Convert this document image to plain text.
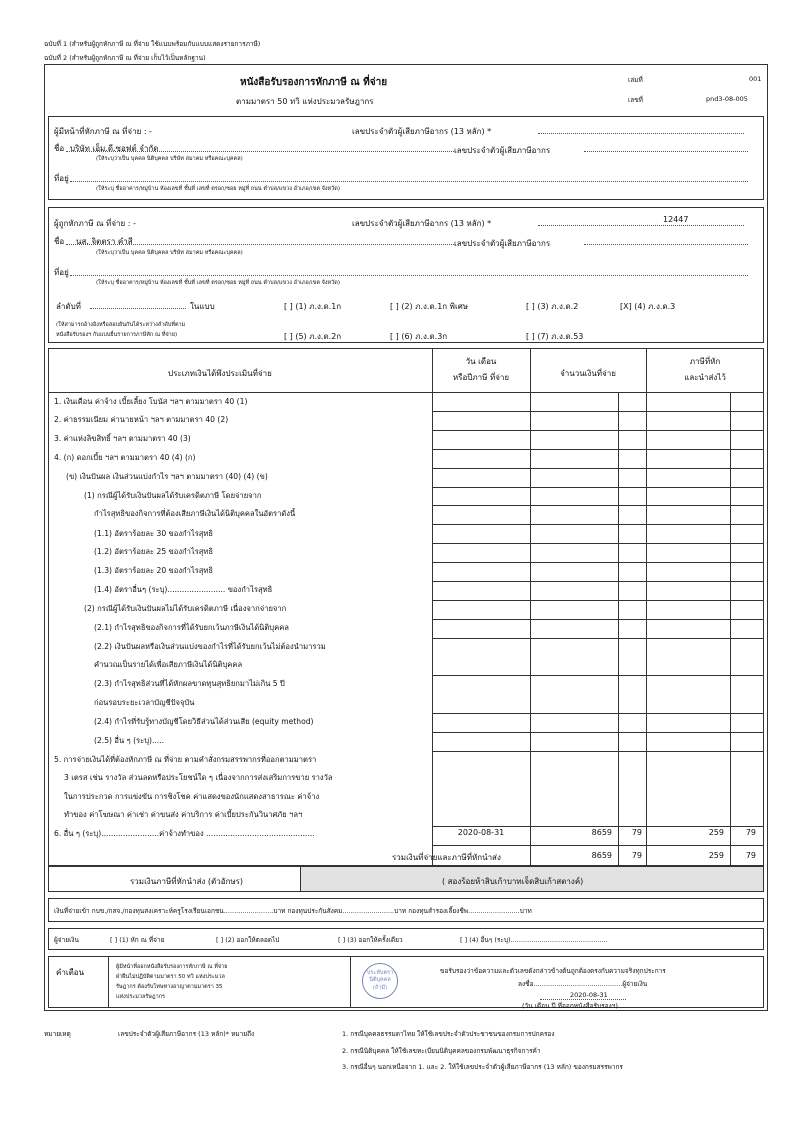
ฉบับที่ 1 (สำหรับผู้ถูกหักภาษี ณ ที่จ่าย ใช้แนบพร้อมกับแบบแสดงรายการภาษี)
ฉบับที่ 2 (สำหรับผู้ถูกหักภาษี ณ ที่จ่าย เก็บไว้เป็นหลักฐาน)
หนังสือรับรองการหักภาษี ณ ที่จ่าย
ตามมาตรา 50 ทวิ แห่งประมวลรัษฎากร
เล่มที่	001
เลขที่	pnd3-08-005
ผู้มีหน้าที่หักภาษี ณ ที่จ่าย : -	เลขประจำตัวผู้เสียภาษีอากร (13 หลัก) *
ชื่อ บริษัท เอ็ม.ดี.ซอฟต์ จำกัด	เลขประจำตัวผู้เสียภาษีอากร
(ให้ระบุว่าเป็น บุคคล นิติบุคคล บริษัท สมาคม หรือคณะบุคคล)
ที่อยู่
(ให้ระบุ ชื่ออาคาร/หมู่บ้าน ห้องเลขที่ ชั้นที่ เลขที่ ตรอก/ซอย หมู่ที่ ถนน ตำบล/แขวง อำเภอ/เขต จังหวัด)
ผู้ถูกหักภาษี ณ ที่จ่าย : -	เลขประจำตัวผู้เสียภาษีอากร (13 หลัก) *	12447
ชื่อ นส. จิตตรา คำสี	เลขประจำตัวผู้เสียภาษีอากร
(ให้ระบุว่าเป็น บุคคล นิติบุคคล บริษัท สมาคม หรือคณะบุคคล)
ที่อยู่
(ให้ระบุ ชื่ออาคาร/หมู่บ้าน ห้องเลขที่ ชั้นที่ เลขที่ ตรอก/ซอย หมู่ที่ ถนน ตำบล/แขวง อำเภอ/เขต จังหวัด)
ลำดับที่	ในแบบ
(ให้สามารถอ้างอิงหรือสอบยันกันได้ระหว่างลำดับที่ตาม
หนังสือรับรองฯ กับแบบยื่นรายการภาษีหัก ณ ที่จ่าย)
[ ] (1) ภ.ง.ด.1ก	[ ] (2) ภ.ง.ด.1ก พิเศษ	[ ] (3) ภ.ง.ด.2	[X] (4) ภ.ง.ด.3
[ ] (5) ภ.ง.ด.2ก	[ ] (6) ภ.ง.ด.3ก	[ ] (7) ภ.ง.ด.53
ประเภทเงินได้พึงประเมินที่จ่าย
วัน เดือน
หรือปีภาษี ที่จ่าย	จำนวนเงินที่จ่าย
ภาษีที่หัก
และนำส่งไว้
1. เงินเดือน ค่าจ้าง เบี้ยเลี้ยง โบนัส ฯลฯ ตามมาตรา 40 (1)
2. ค่าธรรมเนียม ค่านายหน้า ฯลฯ ตามมาตรา 40 (2)
3. ค่าแห่งลิขสิทธิ์ ฯลฯ ตามมาตรา 40 (3)
4. (ก) ดอกเบี้ย ฯลฯ ตามมาตรา 40 (4) (ก)
(ข) เงินปันผล เงินส่วนแบ่งกำไร ฯลฯ ตามมาตรา (40) (4) (ข)
(1) กรณีผู้ได้รับเงินปันผลได้รับเครดิตภาษี โดยจ่ายจาก
กำไรสุทธิของกิจการที่ต้องเสียภาษีเงินได้นิติบุคคลในอัตราดังนี้
(1.1) อัตราร้อยละ 30 ของกำไรสุทธิ
(1.2) อัตราร้อยละ 25 ของกำไรสุทธิ
(1.3) อัตราร้อยละ 20 ของกำไรสุทธิ
(1.4) อัตราอื่นๆ (ระบุ)........................ ของกำไรสุทธิ
(2) กรณีผู้ได้รับเงินปันผลไม่ได้รับเครดิตภาษี เนื่องจากจ่ายจาก
(2.1) กำไรสุทธิของกิจการที่ได้รับยกเว้นภาษีเงินได้นิติบุคคล
(2.2) เงินปันผลหรือเงินส่วนแบ่งของกำไรที่ได้รับยกเว้นไม่ต้องนำมารวม
คำนวณเป็นรายได้เพื่อเสียภาษีเงินได้นิติบุคคล
(2.3) กำไรสุทธิส่วนที่ได้หักผลขาดทุนสุทธิยกมาไม่เกิน 5 ปี
ก่อนรอบระยะเวลาบัญชีปัจจุบัน
(2.4) กำไรที่รับรู้ทางบัญชีโดยวิธีส่วนได้ส่วนเสีย (equity method)
(2.5) อื่น ๆ (ระบุ).....
5. การจ่ายเงินได้ที่ต้องหักภาษี ณ ที่จ่าย ตามคำสั่งกรมสรรพากรที่ออกตามมาตรา
3 เตรส เช่น รางวัล ส่วนลดหรือประโยชน์ใด ๆ เนื่องจากการส่งเสริมการขาย รางวัล
ในการประกวด การแข่งขัน การชิงโชค ค่าแสดงของนักแสดงสาธารณะ ค่าจ้าง
ทำของ ค่าโฆษณา ค่าเช่า ค่าขนส่ง ค่าบริการ ค่าเบี้ยประกันวินาศภัย ฯลฯ
6. อื่น ๆ (ระบุ)........................ค่าจ้างทำของ .............................................	2020-08-31	8659	79	259	79
รวมเงินที่จ่ายและภาษีที่หักนำส่ง	8659	79	259	79
รวมเงินภาษีที่หักนำส่ง (ตัวอักษร)	( สองร้อยห้าสิบเก้าบาทเจ็ดสิบเก้าสตางค์)
เงินที่จ่ายเข้า กบข./กสจ./กองทุนสงเคราะห์ครูโรงเรียนเอกชน........................บาท กองทุนประกันสังคม.........................บาท กองทุนสำรองเลี้ยงชีพ.........................บาท
ผู้จ่ายเงิน	[ ] (1) หัก ณ ที่จ่าย	[ ] (2) ออกให้ตลอดไป	[ ] (3) ออกให้ครั้งเดียว	[ ] (4) อื่นๆ (ระบุ)...............................................
คำเตือน
ผู้มีหน้าที่ออกหนังสือรับรองการหักภาษี ณ ที่จ่าย
ฝ่าฝืนไม่ปฏิบัติตามมาตรา 50 ทวิ แห่งประมวล
รัษฎากร ต้องรับโทษทางอาญาตามมาตรา 35
แห่งประมวลรัษฎากร
ประทับตรา
นิติบุคคล
(ถ้ามี)
ขอรับรองว่าข้อความและตัวเลขดังกล่าวข้างต้นถูกต้องตรงกับความจริงทุกประการ
ลงชื่อ...........................................ผู้จ่ายเงิน
2020-08-31
(วัน เดือน ปี ที่ออกหนังสือรับรองฯ)
หมายเหตุ	เลขประจำตัวผู้เสียภาษีอากร (13 หลัก)* หมายถึง	1. กรณีบุคคลธรรมดาไทย ให้ใช้เลขประจำตัวประชาชนของกรมการปกครอง
2. กรณีนิติบุคคล ให้ใช้เลขทะเบียนนิติบุคคลของกรมพัฒนาธุรกิจการค้า
3. กรณีอื่นๆ นอกเหนือจาก 1. และ 2. ให้ใช้เลขประจำตัวผู้เสียภาษีอากร (13 หลัก) ของกรมสรรพากร
